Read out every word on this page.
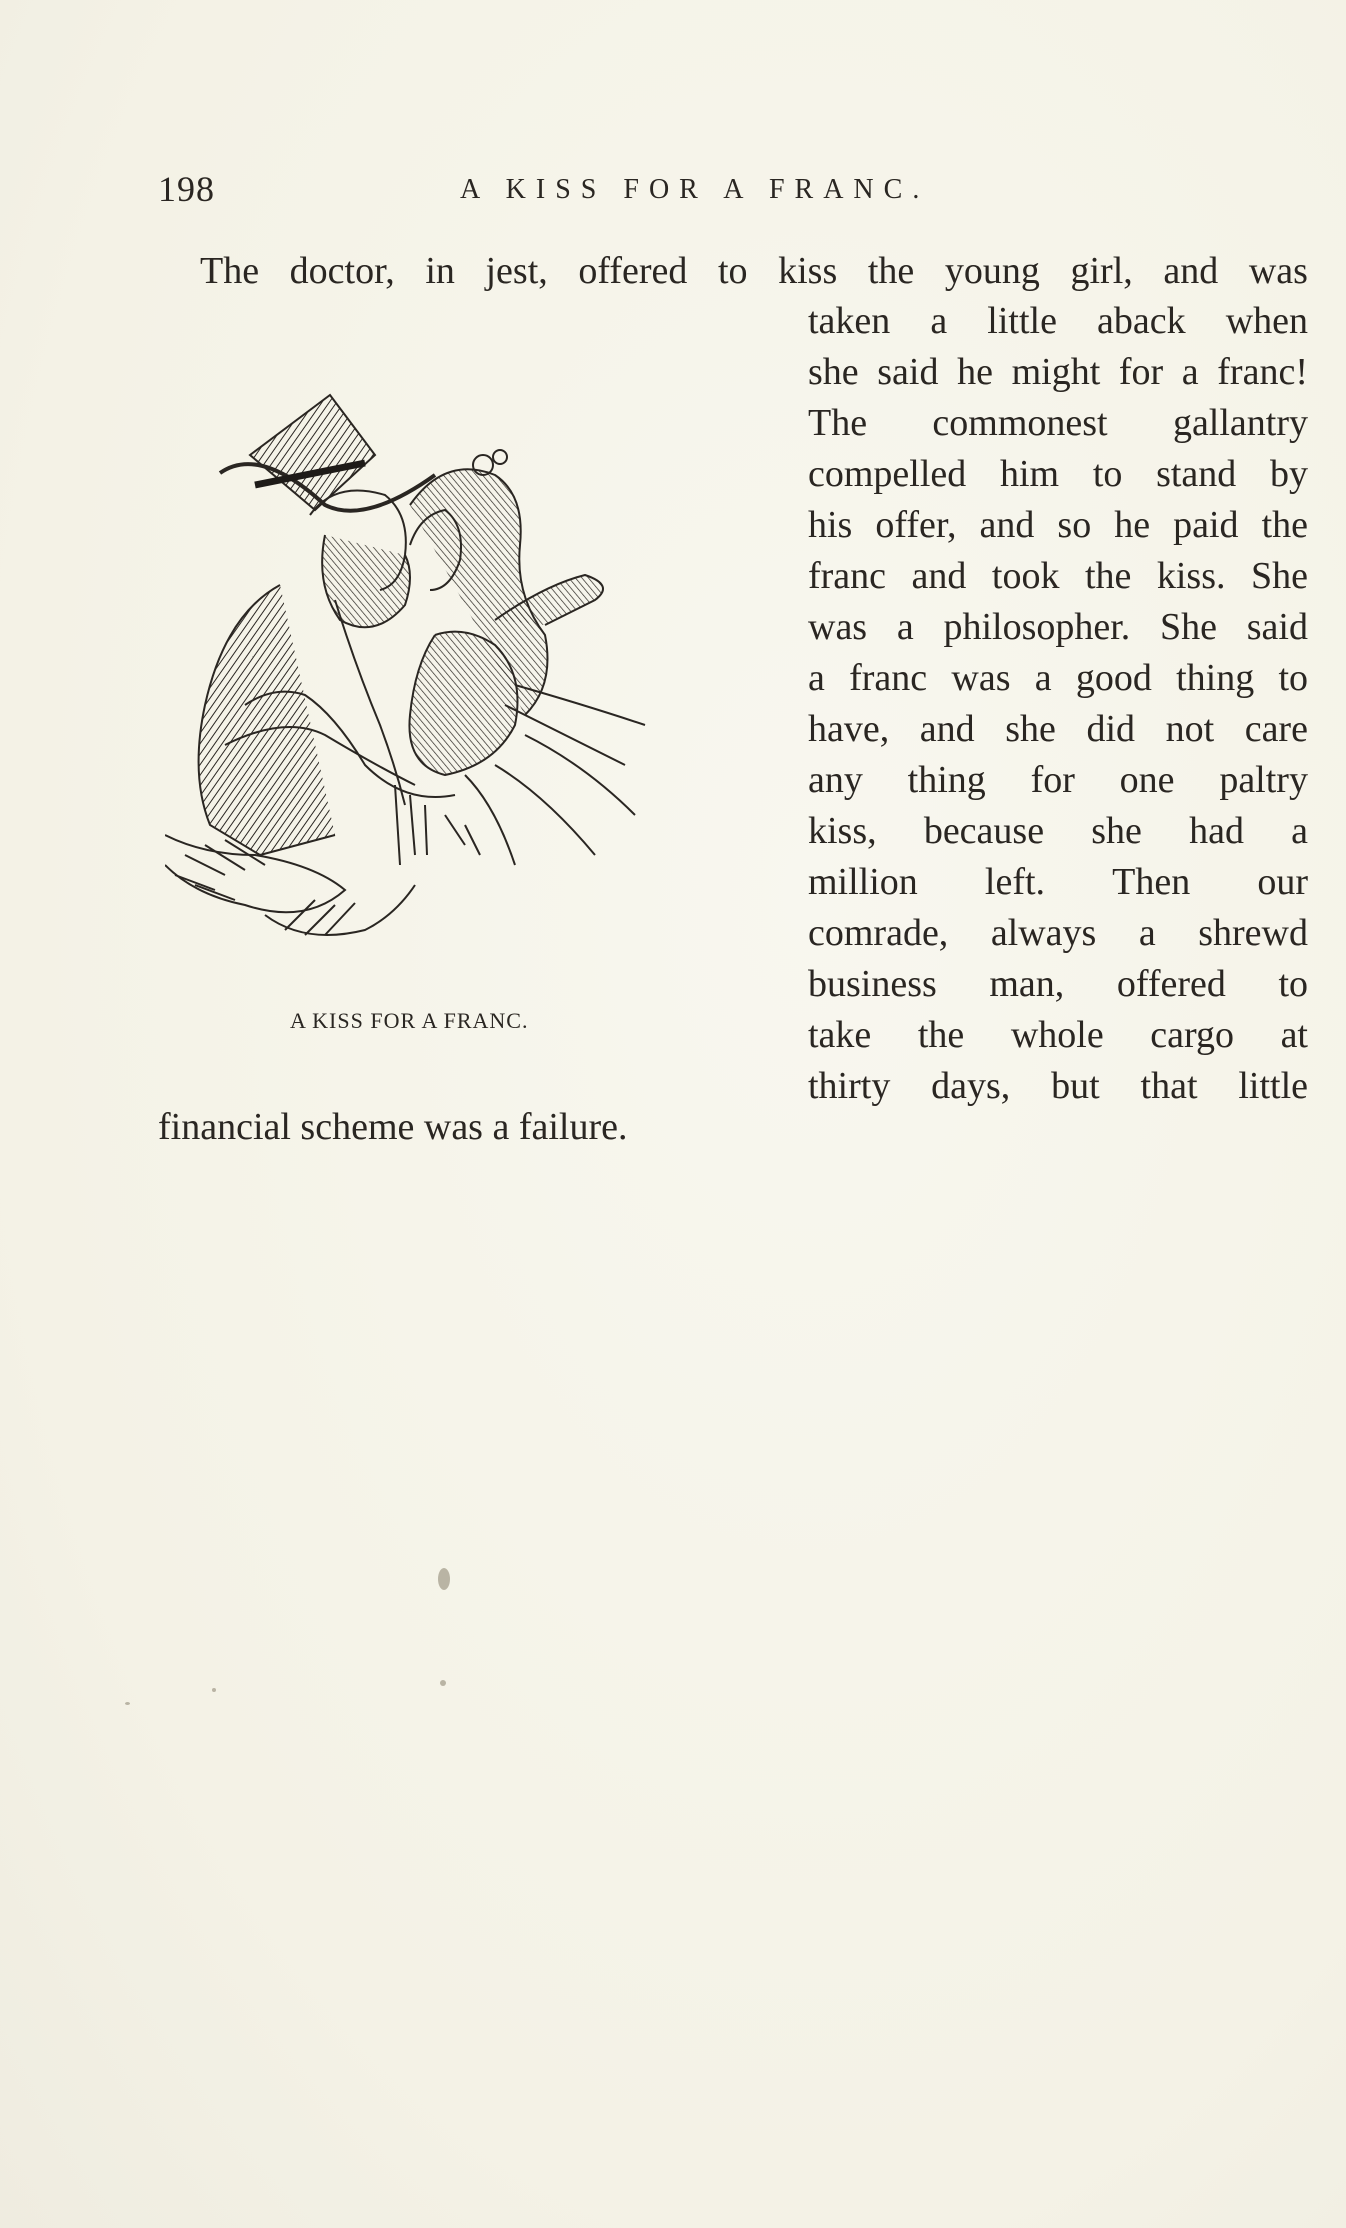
198	A KISS FOR A FRANC.
The doctor, in jest, offered to kiss the young girl, and was
taken a little aback when
she said he might for a franc!
The commonest gallantry
compelled him to stand by
his offer, and so he paid the
franc and took the kiss. She
was a philosopher. She said
a franc was a good thing to
have, and she did not care
any thing for one paltry
kiss, because she had a
million left. Then our
comrade, always a shrewd
business man, offered to
take the whole cargo at
thirty days, but that little
financial scheme was a failure.
A KISS FOR A FRANC.
